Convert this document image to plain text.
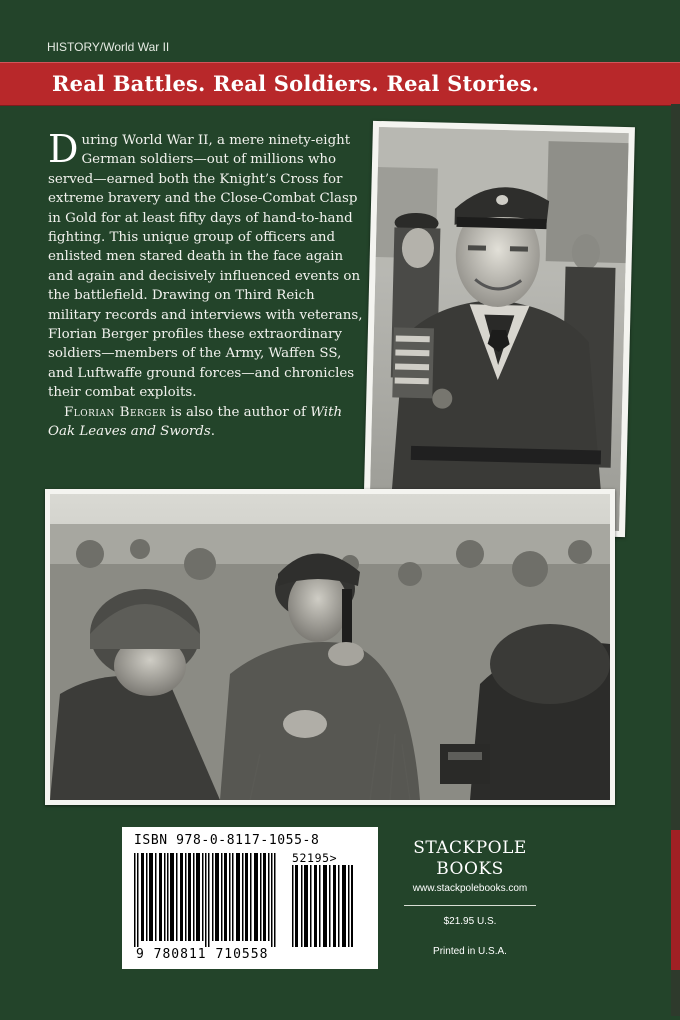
HISTORY/World War II
Real Battles. Real Soldiers. Real Stories.

During World War II, a mere ninety-eight German soldiers—out of millions who served—earned both the Knight’s Cross for extreme bravery and the Close-Combat Clasp in Gold for at least fifty days of hand-to-hand fighting. This unique group of officers and enlisted men stared death in the face again and again and decisively influenced events on the battlefield. Drawing on Third Reich military records and interviews with veterans, Florian Berger profiles these extraordinary soldiers—members of the Army, Waffen SS, and Luftwaffe ground forces—and chronicles their combat exploits.

Florian Berger is also the author of With Oak Leaves and Swords.

ISBN 978-0-8117-1055-8
52195>
9 780811 710558
STACKPOLE
BOOKS
www.stackpolebooks.com
$21.95 U.S.
Printed in U.S.A.
